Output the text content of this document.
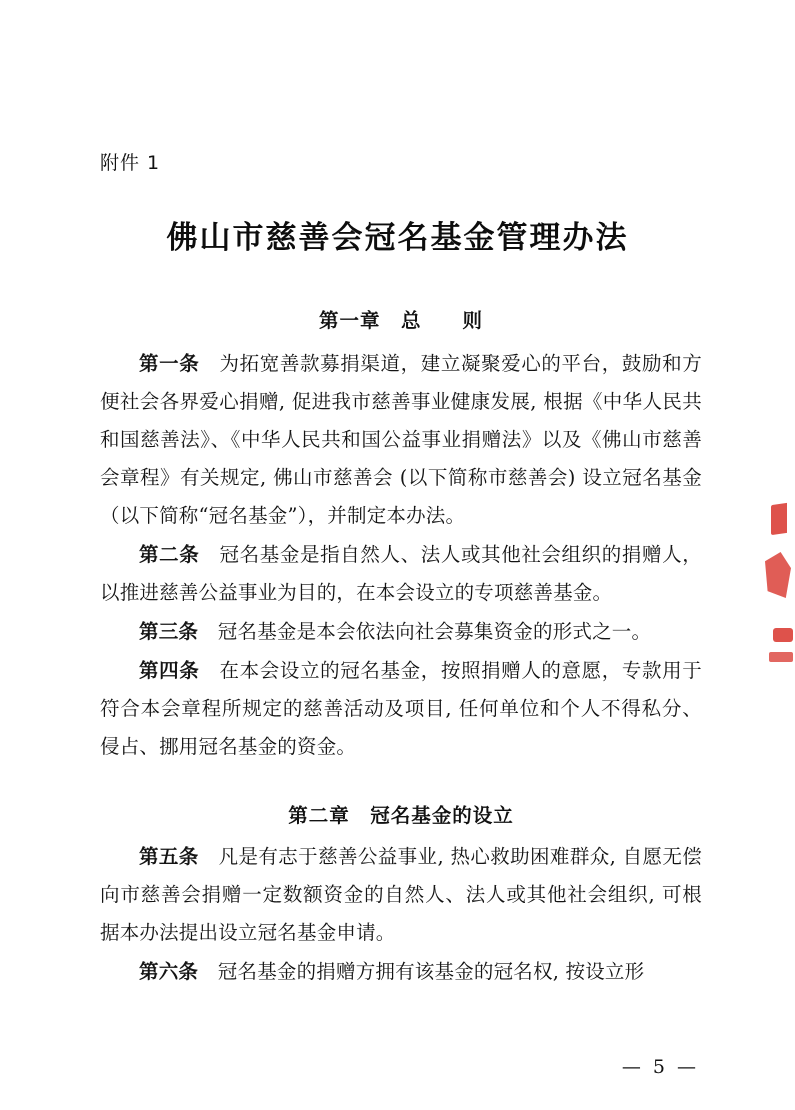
附件 1
佛山市慈善会冠名基金管理办法
第一章　总　　则

第一条　为拓宽善款募捐渠道，建立凝聚爱心的平台，鼓励和方便社会各界爱心捐赠, 促进我市慈善事业健康发展, 根据《中华人民共和国慈善法》、《中华人民共和国公益事业捐赠法》以及《佛山市慈善会章程》有关规定, 佛山市慈善会 (以下简称市慈善会) 设立冠名基金（以下简称“冠名基金”），并制定本办法。

第二条　冠名基金是指自然人、法人或其他社会组织的捐赠人，以推进慈善公益事业为目的，在本会设立的专项慈善基金。

第三条　冠名基金是本会依法向社会募集资金的形式之一。

第四条　在本会设立的冠名基金，按照捐赠人的意愿，专款用于符合本会章程所规定的慈善活动及项目, 任何单位和个人不得私分、侵占、挪用冠名基金的资金。

第二章　冠名基金的设立

第五条　凡是有志于慈善公益事业, 热心救助困难群众, 自愿无偿向市慈善会捐赠一定数额资金的自然人、法人或其他社会组织, 可根据本办法提出设立冠名基金申请。

第六条　冠名基金的捐赠方拥有该基金的冠名权, 按设立形

— 5 —
